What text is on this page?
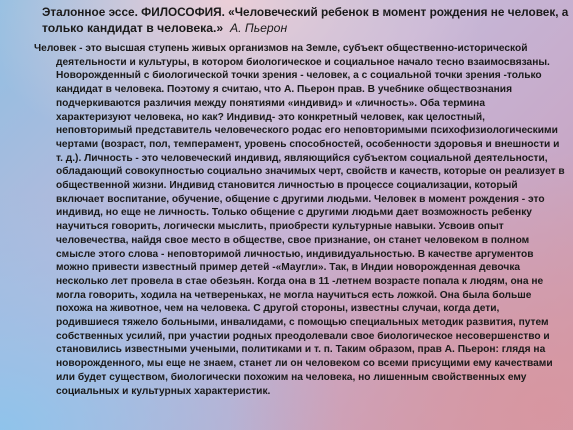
Эталонное эссе. ФИЛОСОФИЯ. «Человеческий ребенок в момент рождения не человек, а
только кандидат в человека.» А. Пьерон
Человек - это высшая ступень живых организмов на Земле, субъект общественно-исторической
деятельности и культуры, в котором биологическое и социальное начало тесно взаимосвязаны.
Новорожденный с биологической точки зрения - человек, а с социальной точки зрения -только
кандидат в человека. Поэтому я считаю, что А. Пьерон прав. В учебнике обществознания
подчеркиваются различия между понятиями «индивид» и «личность». Оба термина
характеризуют человека, но как? Индивид- это конкретный человек, как целостный,
неповторимый представитель человеческого родас его неповторимыми психофизиологическими
чертами (возраст, пол, темперамент, уровень способностей, особенности здоровья и внешности и
т. д.). Личность - это человеческий индивид, являющийся субъектом социальной деятельности,
обладающий совокупностью социально значимых черт, свойств и качеств, которые он реализует в
общественной жизни. Индивид становится личностью в процессе социализации, который
включает воспитание, обучение, общение с другими людьми. Человек в момент рождения - это
индивид, но еще не личность. Только общение с другими людьми дает возможность ребенку
научиться говорить, логически мыслить, приобрести культурные навыки. Усвоив опыт
человечества, найдя свое место в обществе, свое признание, он станет человеком в полном
смысле этого слова - неповторимой личностью, индивидуальностью. В качестве аргументов
можно привести известный пример детей -«Маугли». Так, в Индии новорожденная девочка
несколько лет провела в стае обезьян. Когда она в 11 -летнем возрасте попала к людям, она не
могла говорить, ходила на четвереньках, не могла научиться есть ложкой. Она была больше
похожа на животное, чем на человека. С другой стороны, известны случаи, когда дети,
родившиеся тяжело больными, инвалидами, с помощью специальных методик развития, путем
собственных усилий, при участии родных преодолевали свое биологическое несовершенство и
становились известными учеными, политиками и т. п. Таким образом, прав А. Пьерон: глядя на
новорожденного, мы еще не знаем, станет ли он человеком со всеми присущими ему качествами
или будет существом, биологически похожим на человека, но лишенным свойственных ему
социальных и культурных характеристик.
